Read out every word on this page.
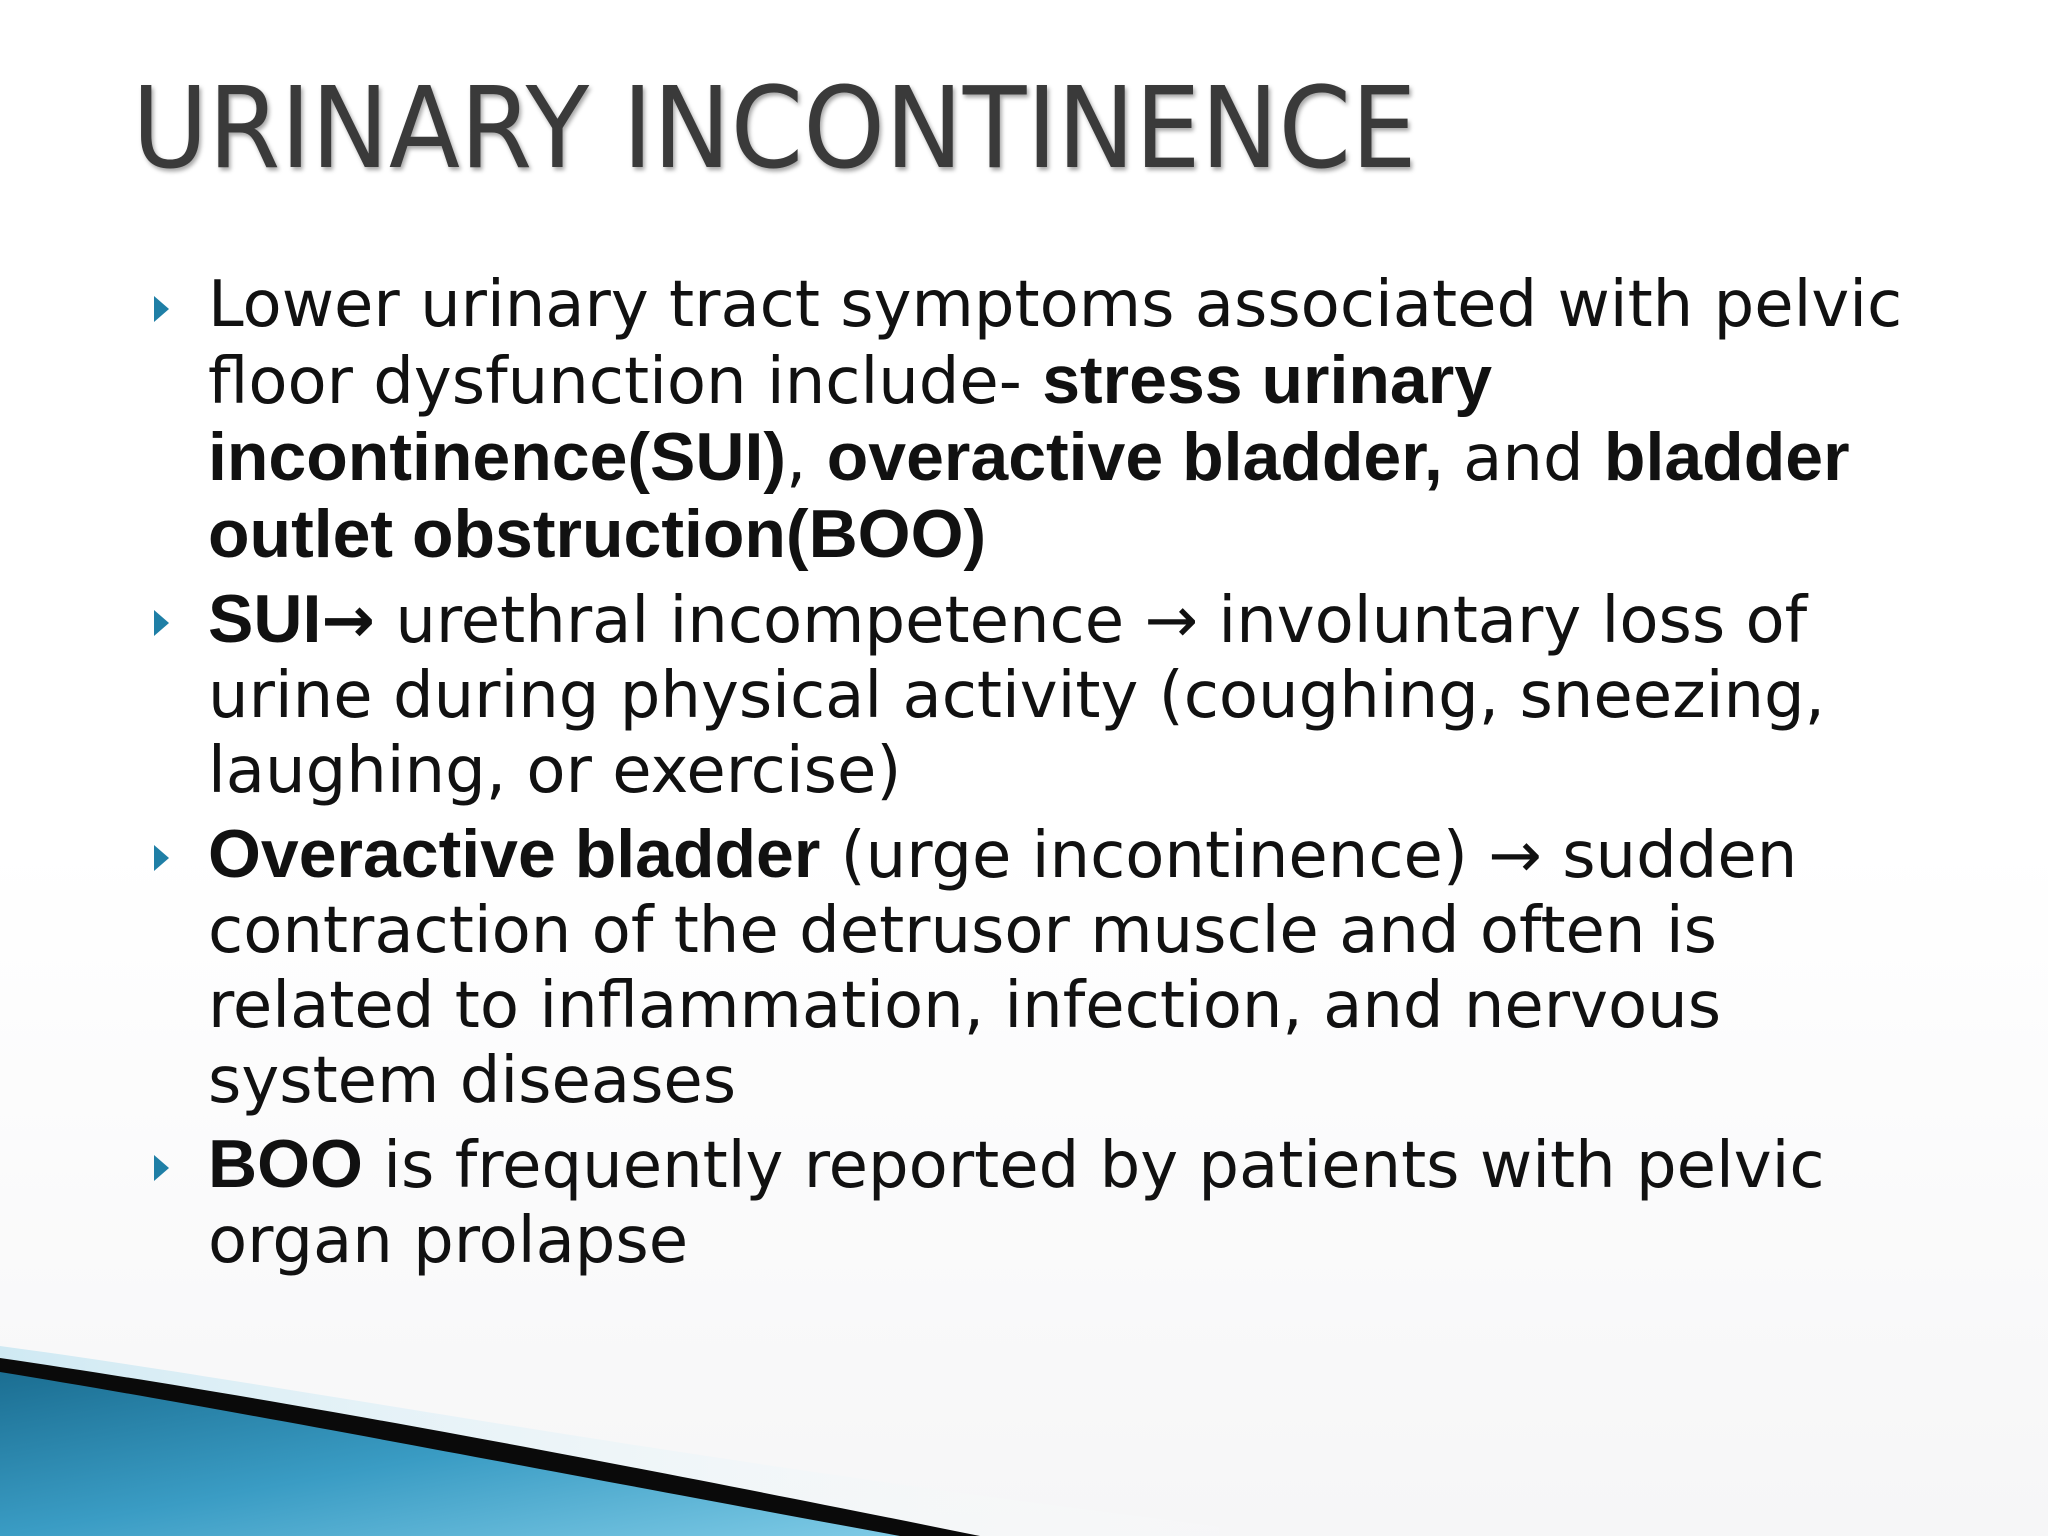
URINARY INCONTINENCE
Lower urinary tract symptoms associated with pelvic floor dysfunction include- stress urinary incontinence(SUI), overactive bladder, and bladder outlet obstruction(BOO)
SUI→ urethral incompetence → involuntary loss of urine during physical activity (coughing, sneezing, laughing, or exercise)
Overactive bladder (urge incontinence) → sudden contraction of the detrusor muscle and often is related to inflammation, infection, and nervous system diseases
BOO is frequently reported by patients with pelvic organ prolapse
